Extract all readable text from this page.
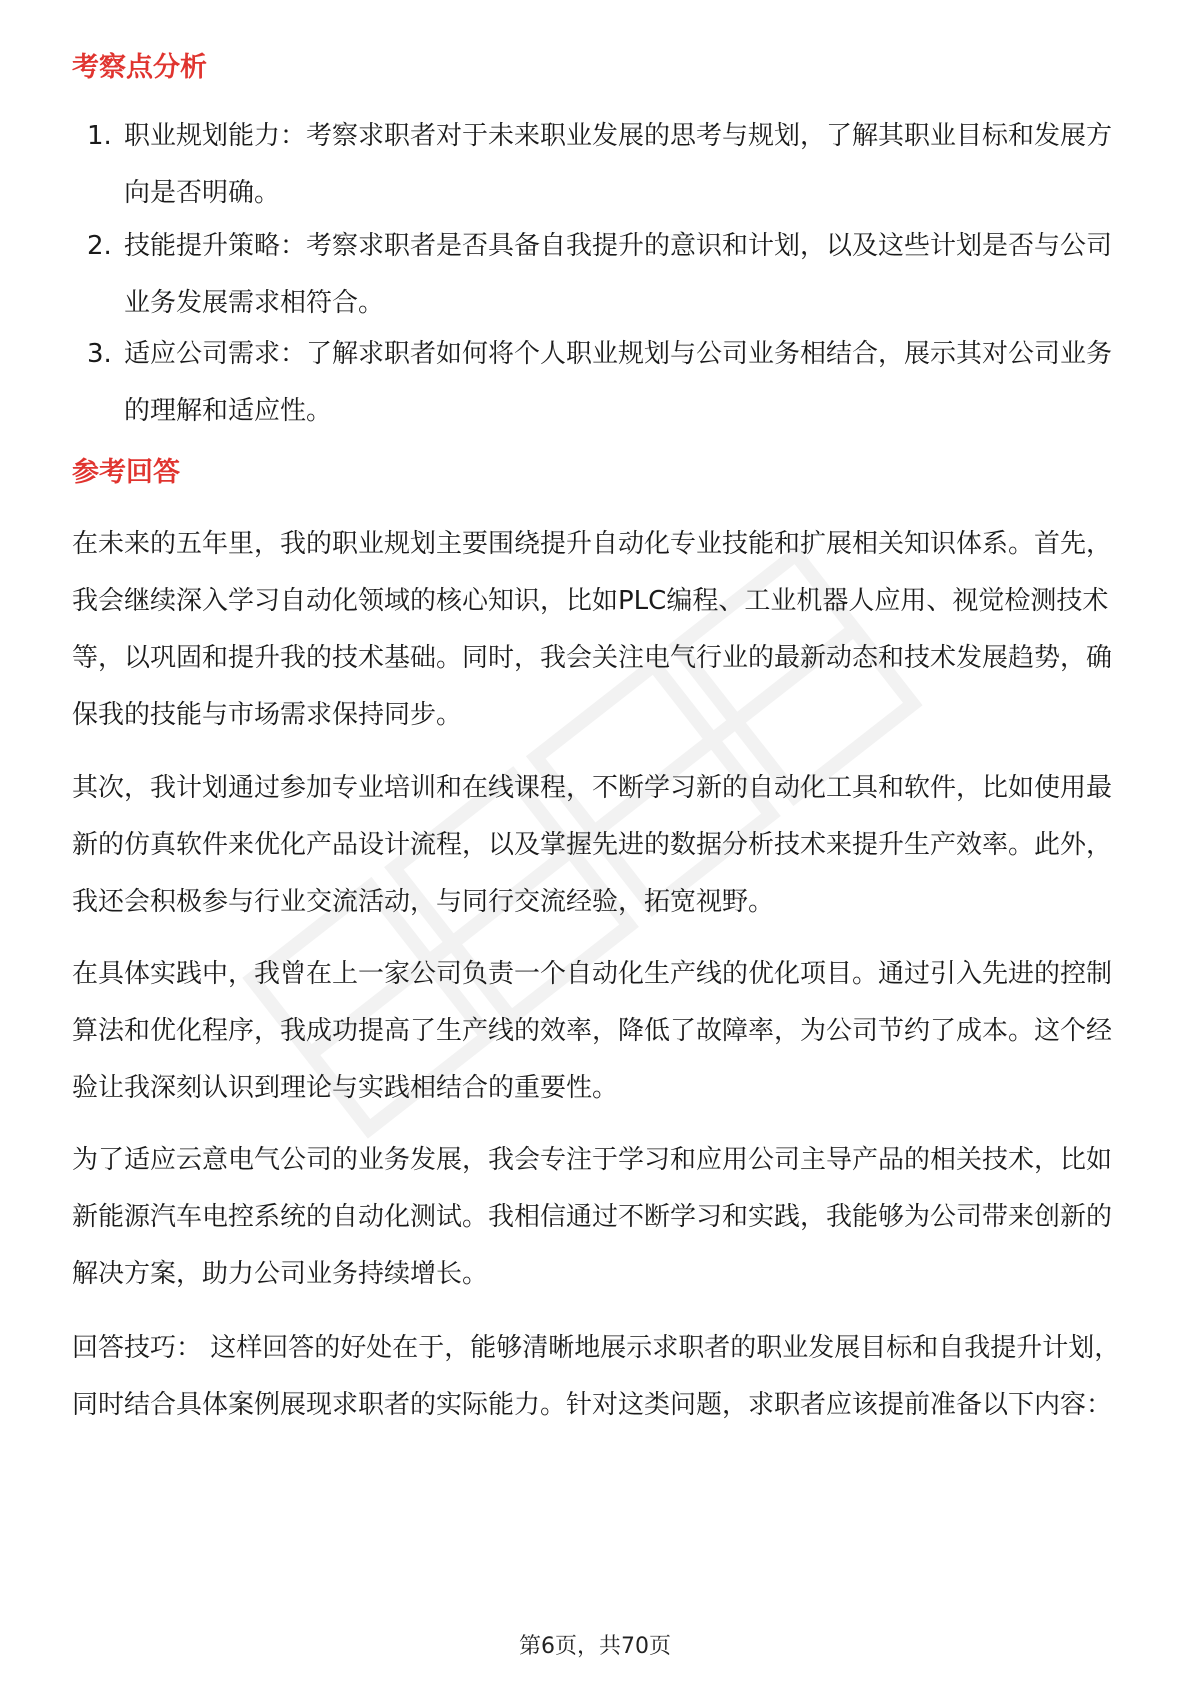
考察点分析
1. 职业规划能力：考察求职者对于未来职业发展的思考与规划，了解其职业目标和发展方向是否明确。
2. 技能提升策略：考察求职者是否具备自我提升的意识和计划，以及这些计划是否与公司业务发展需求相符合。
3. 适应公司需求：了解求职者如何将个人职业规划与公司业务相结合，展示其对公司业务的理解和适应性。
参考回答
在未来的五年里，我的职业规划主要围绕提升自动化专业技能和扩展相关知识体系。首先，我会继续深入学习自动化领域的核心知识，比如PLC编程、工业机器人应用、视觉检测技术等，以巩固和提升我的技术基础。同时，我会关注电气行业的最新动态和技术发展趋势，确保我的技能与市场需求保持同步。
其次，我计划通过参加专业培训和在线课程，不断学习新的自动化工具和软件，比如使用最新的仿真软件来优化产品设计流程，以及掌握先进的数据分析技术来提升生产效率。此外，我还会积极参与行业交流活动，与同行交流经验，拓宽视野。
在具体实践中，我曾在上一家公司负责一个自动化生产线的优化项目。通过引入先进的控制算法和优化程序，我成功提高了生产线的效率，降低了故障率，为公司节约了成本。这个经验让我深刻认识到理论与实践相结合的重要性。
为了适应云意电气公司的业务发展，我会专注于学习和应用公司主导产品的相关技术，比如新能源汽车电控系统的自动化测试。我相信通过不断学习和实践，我能够为公司带来创新的解决方案，助力公司业务持续增长。
回答技巧： 这样回答的好处在于，能够清晰地展示求职者的职业发展目标和自我提升计划，同时结合具体案例展现求职者的实际能力。针对这类问题，求职者应该提前准备以下内容：
第6页，共70页
